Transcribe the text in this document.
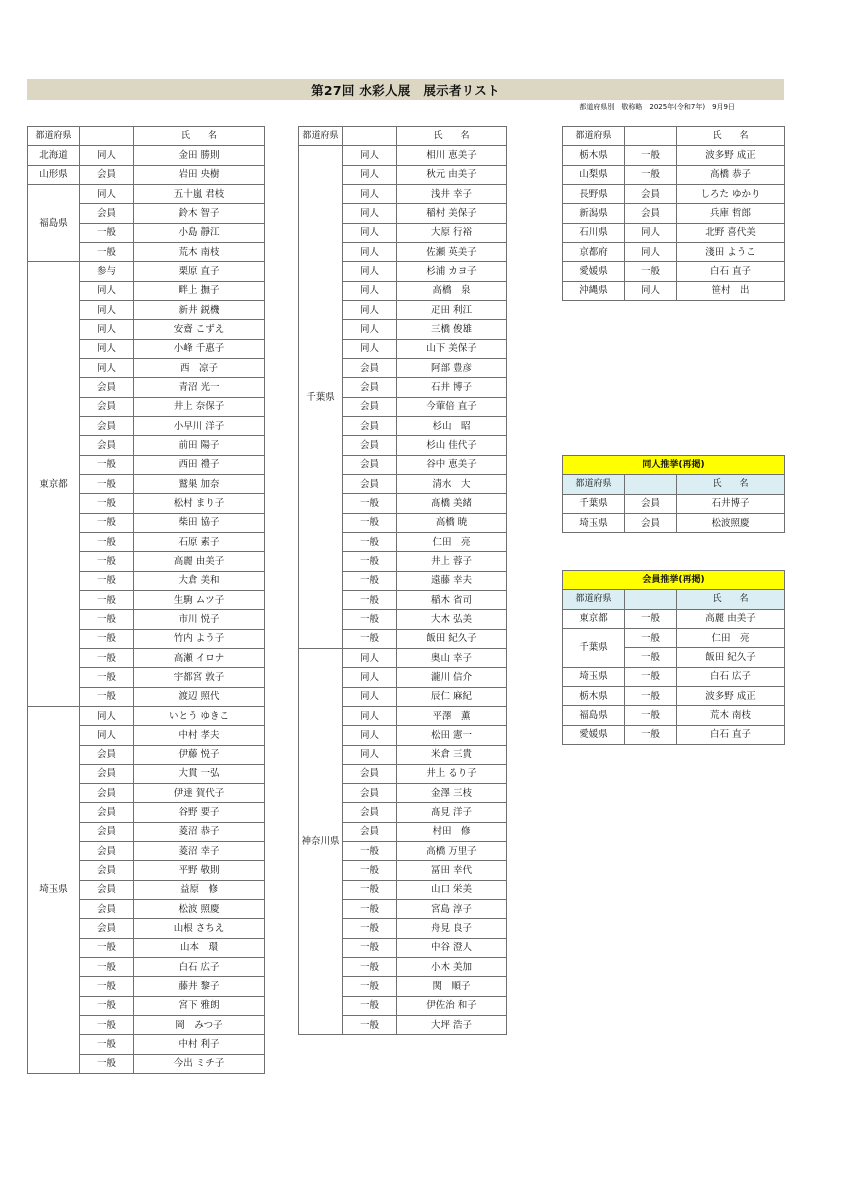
第27回 水彩人展　展示者リスト
都道府県別　敬称略　2025年(令和7年)　9月9日
都道府県		氏　名

北海道	同人	金田 勝則

山形県	会員	岩田 央樹

福島県	同人	五十嵐 君枝
	会員	鈴木 智子
	一般	小島 靜江
	一般	荒木 南枝

東京都	参与	栗原 直子
	同人	畔上 撫子
	同人	新井 鋭機
	同人	安齋 こずえ
	同人	小峰 千惠子
	同人	西　凉子
	会員	青沼 光一
	会員	井上 奈保子
	会員	小早川 洋子
	会員	前田 陽子
	一般	西田 禮子
	一般	鷲巣 加奈
	一般	松村 まり子
	一般	柴田 協子
	一般	石原 素子
	一般	高麗 由美子
	一般	大倉 美和
	一般	生駒 ムツ子
	一般	市川 悦子
	一般	竹内 よう子
	一般	高瀬 イロナ
	一般	宇都宮 敦子
	一般	渡辺 照代

埼玉県	同人	いとう ゆきこ
	同人	中村 孝夫
	会員	伊藤 悦子
	会員	大貫 一弘
	会員	伊達 賀代子
	会員	谷野 要子
	会員	菱沼 恭子
	会員	菱沼 幸子
	会員	平野 敬則
	会員	益原　修
	会員	松波 照慶
	会員	山根 さちえ
	一般	山本　環
	一般	白石 広子
	一般	藤井 黎子
	一般	宮下 雅朗
	一般	岡　みつ子
	一般	中村 利子
	一般	今出 ミチ子
都道府県		氏　名

千葉県	同人	相川 恵美子
	同人	秋元 由美子
	同人	浅井 幸子
	同人	稲村 美保子
	同人	大原 行裕
	同人	佐瀬 英美子
	同人	杉浦 カヨ子
	同人	高橋　泉
	同人	疋田 利江
	同人	三橋 俊雄
	同人	山下 美保子
	会員	阿部 豊彦
	会員	石井 博子
	会員	今葷倍 直子
	会員	杉山　昭
	会員	杉山 佳代子
	会員	谷中 恵美子
	会員	清水　大
	一般	髙橋 美緒
	一般	高橋 暁
	一般	仁田　亮
	一般	井上 蓉子
	一般	遠藤 幸夫
	一般	稲木 省司
	一般	大木 弘美
	一般	飯田 紀久子

神奈川県	同人	奥山 幸子
	同人	瀧川 信介
	同人	辰仁 麻紀
	同人	平澤　薫
	同人	松田 憲一
	同人	米倉 三貴
	会員	井上 るり子
	会員	金澤 三枝
	会員	髙見 洋子
	会員	村田　修
	一般	高橋 万里子
	一般	冨田 幸代
	一般	山口 栄美
	一般	宮島 淳子
	一般	舟見 良子
	一般	中谷 澄人
	一般	小木 美加
	一般	関　順子
	一般	伊佐治 和子
	一般	大坪 浩子
都道府県		氏　名

栃木県	一般	波多野 成正

山梨県	一般	高橋 恭子

長野県	会員	しろた ゆかり

新潟県	会員	兵庫 哲郎

石川県	同人	北野 喜代美

京都府	同人	淺田 ようこ

愛媛県	一般	白石 直子

沖縄県	同人	笹村　出
同人推挙(再掲)		
都道府県		氏　名

千葉県	会員	石井博子

埼玉県	会員	松波照慶
会員推挙(再掲)		
都道府県		氏　名

東京都	一般	高麗 由美子

千葉県	一般	仁田　亮
	一般	飯田 紀久子

埼玉県	一般	白石 広子

栃木県	一般	波多野 成正

福島県	一般	荒木 南枝

愛媛県	一般	白石 直子
